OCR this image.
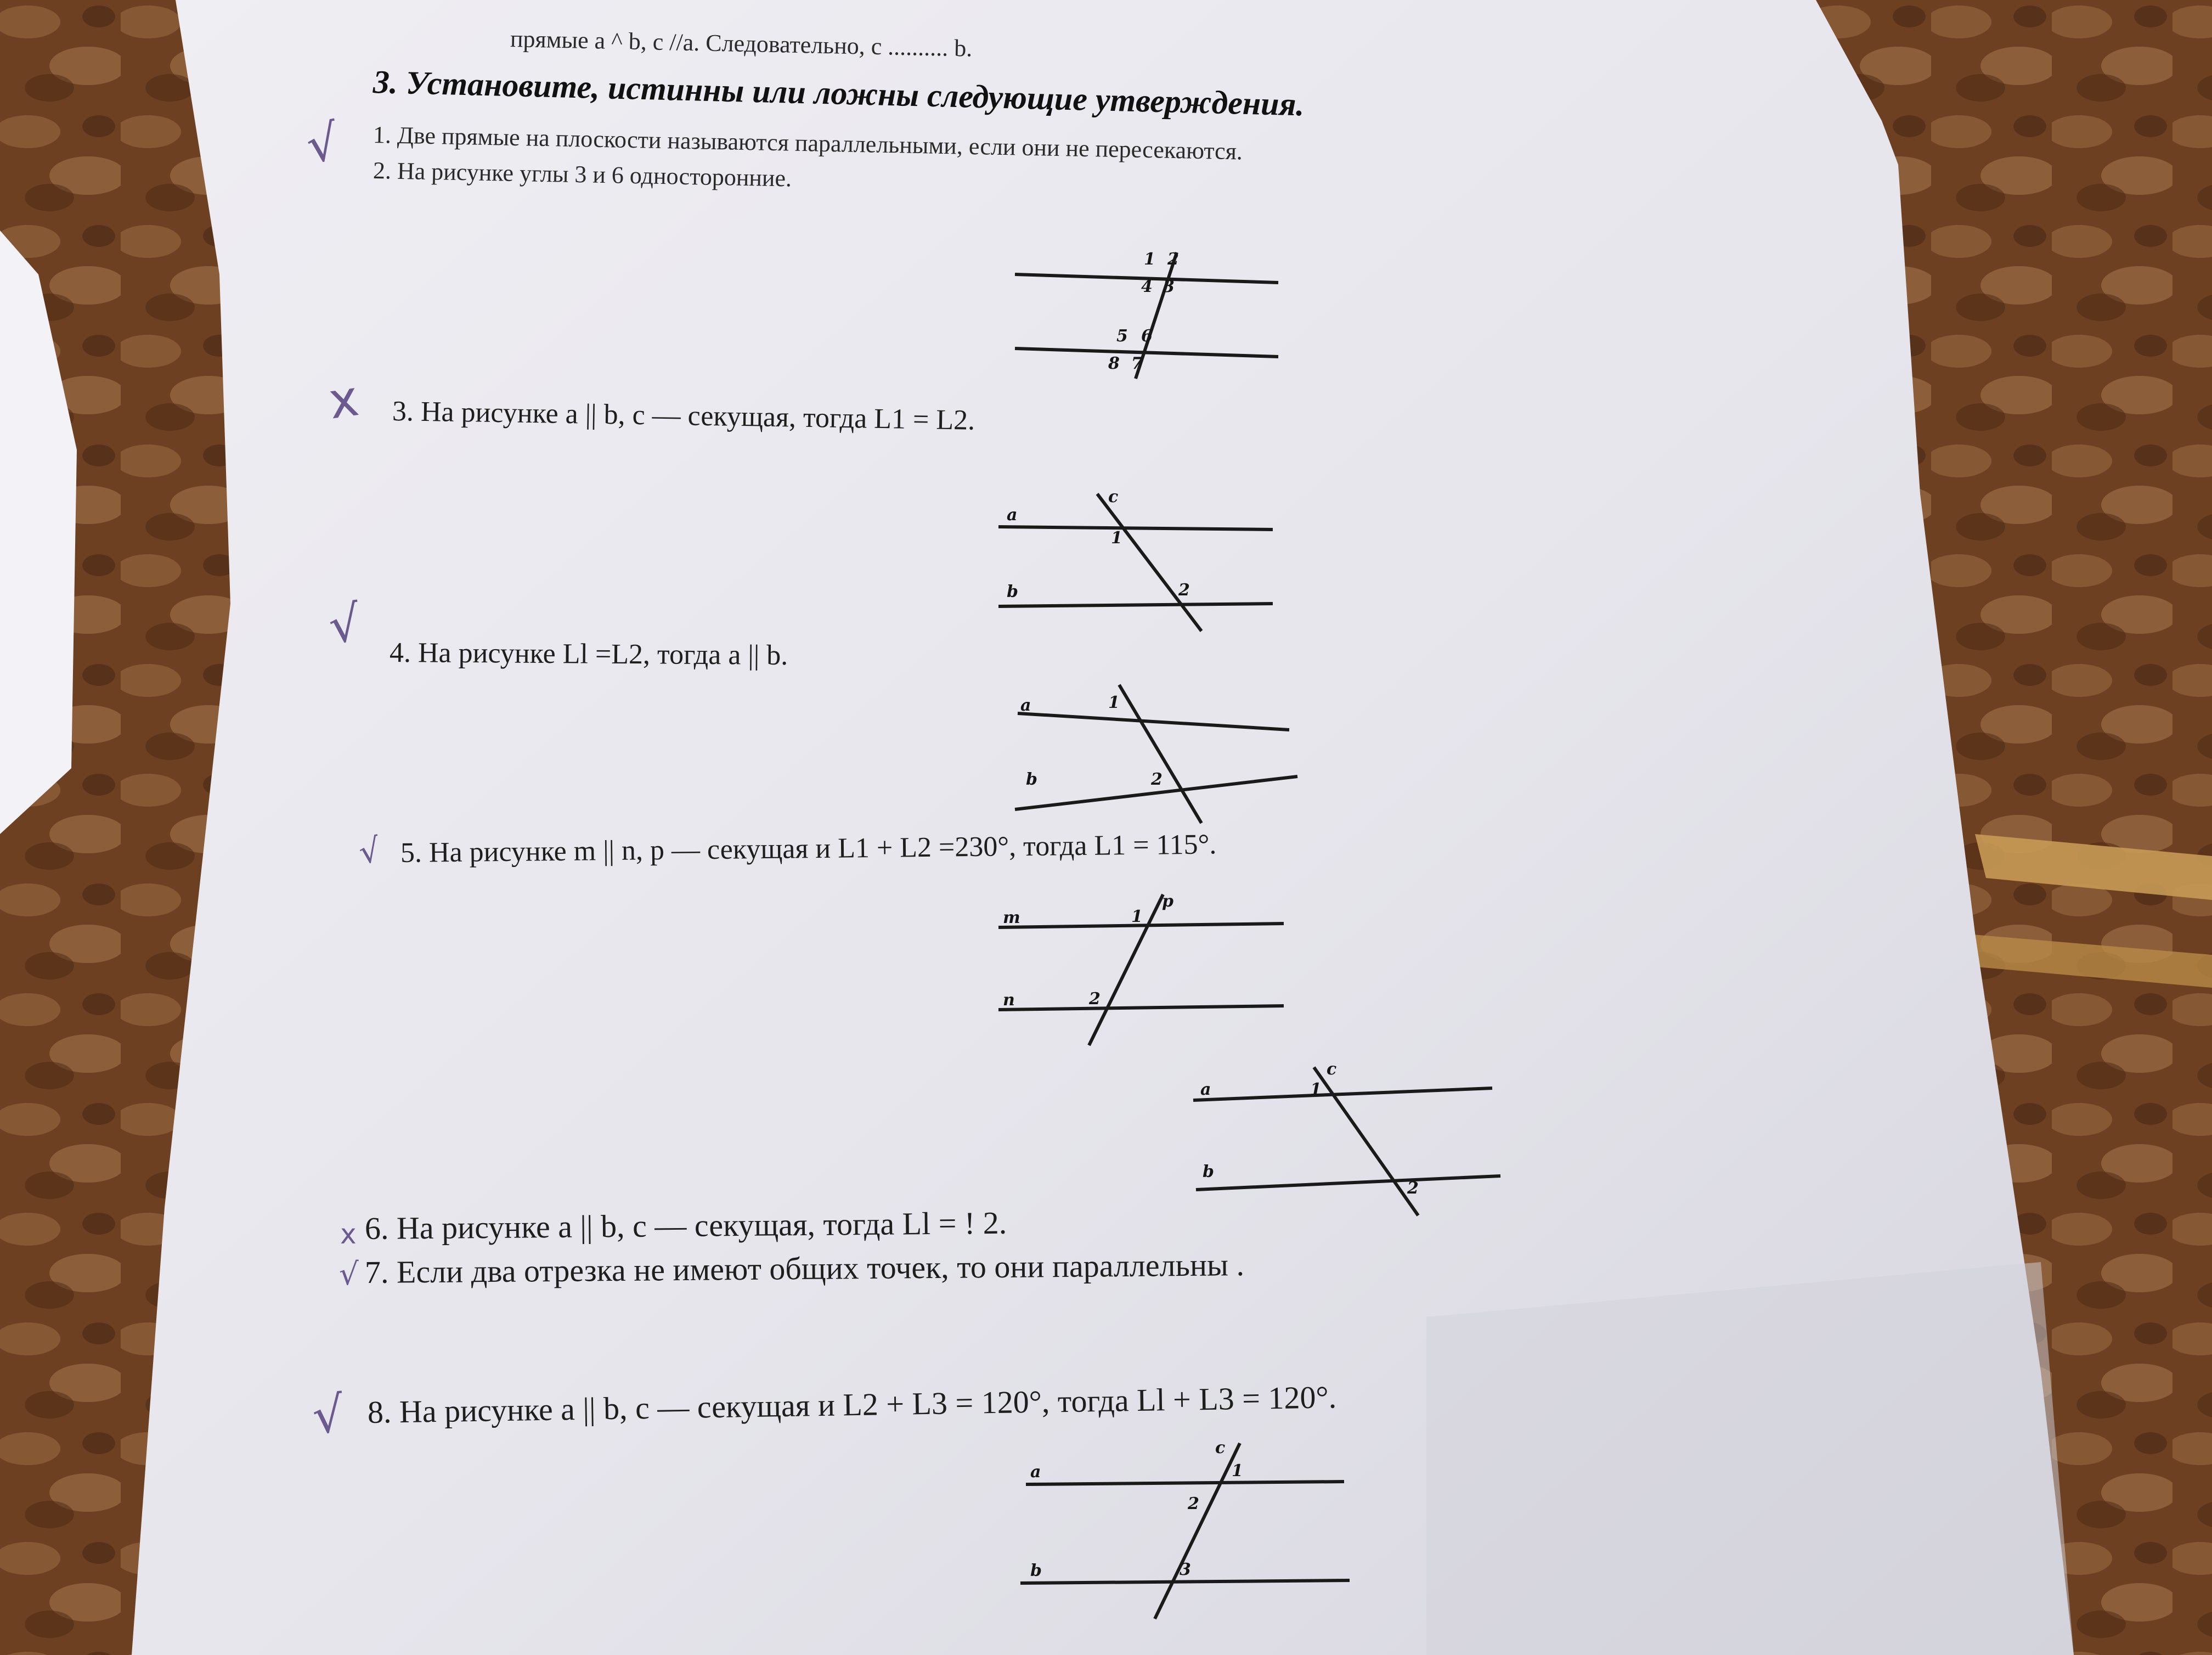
1 2
4 3
5 6
8 7
a
c
1
b	2
a	1
b	2
m	1
p
n	2
a	1
c
b
2
a
c
1
2
b	3
прямые a ^ b, c //a. Следовательно, c .......... b.
3. Установите, истинны или ложны следующие утверждения.
1. Две прямые на плоскости называются параллельными, если они не пересекаются.
2. На рисунке углы 3 и 6 односторонние.
3. На рисунке a || b, c — секущая, тогда L1 = L2.
4. На рисунке Ll =L2, тогда a || b.
5. На рисунке m || n, p — секущая и L1 + L2 =230°, тогда L1 = 115°.
6. На рисунке a || b, c — секущая, тогда Ll = ! 2.
7. Если два отрезка не имеют общих точек, то они параллельны .
8. На рисунке a || b, c — секущая и L2 + L3 = 120°, тогда Ll + L3 = 120°.
√
x
√
√
x
√
√
